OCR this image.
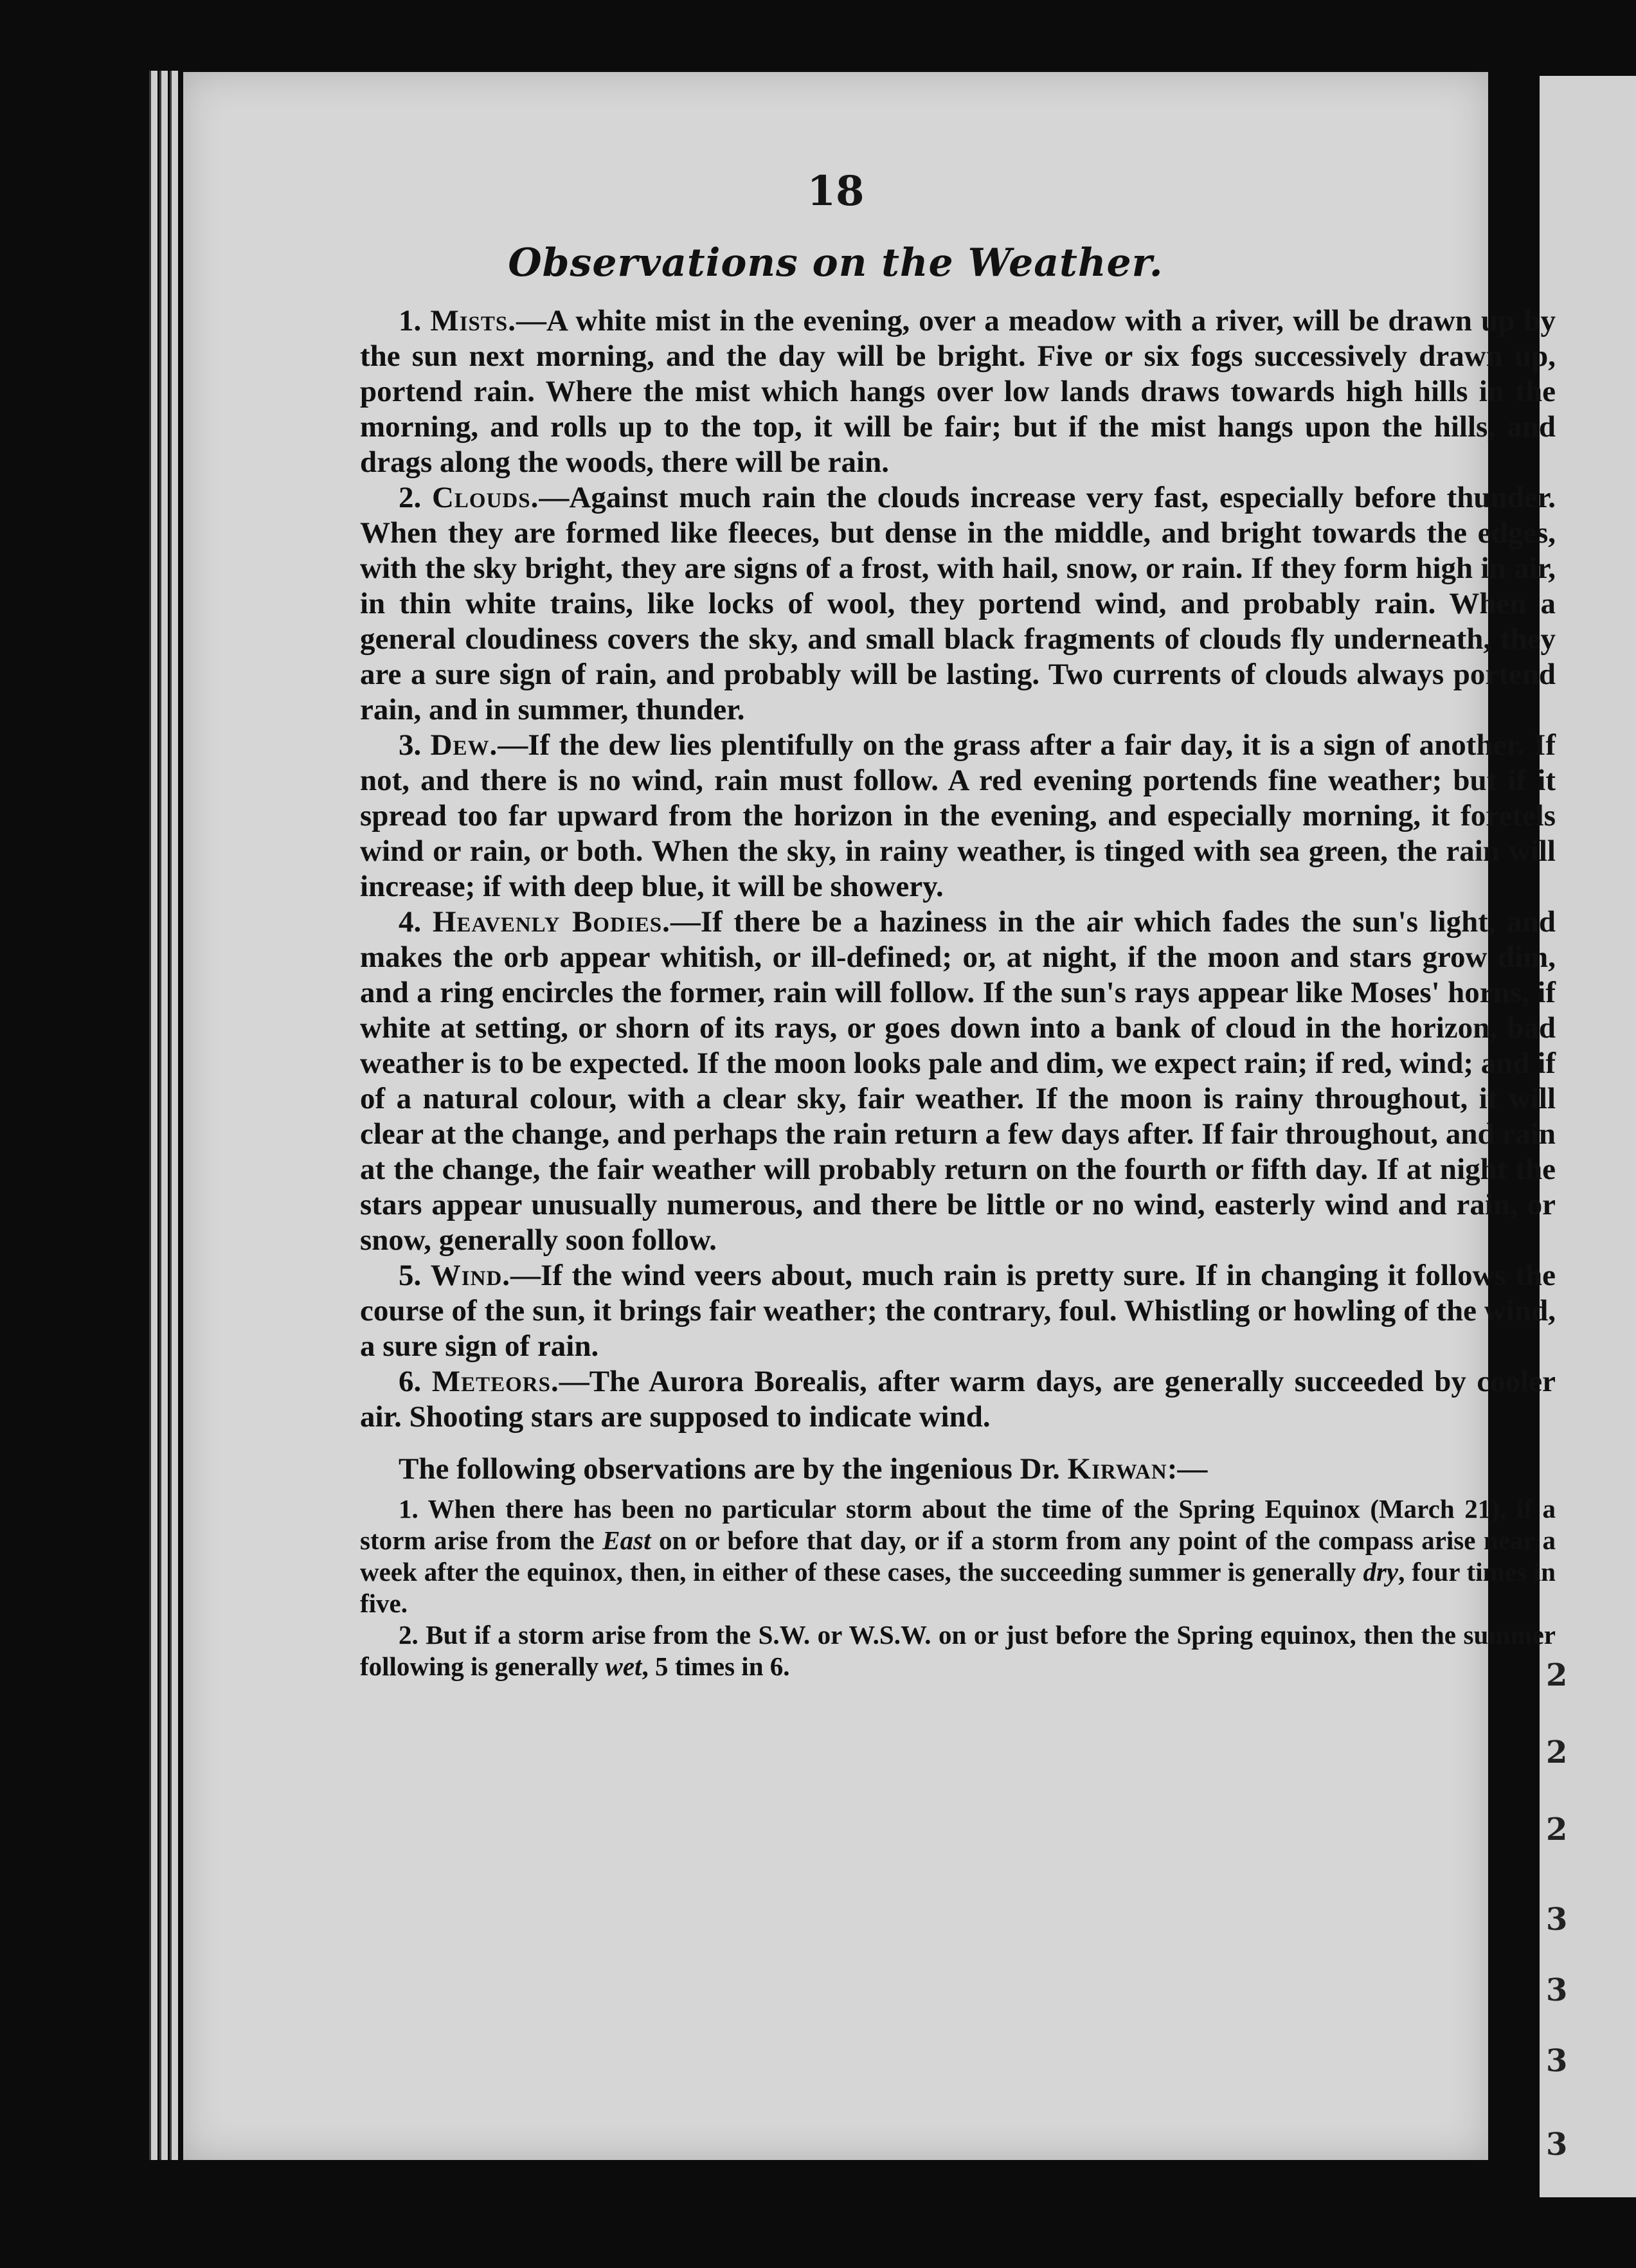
2
2
2
3
3
3
3
18
Observations on the Weather.

1. Mists.—A white mist in the evening, over a meadow with a river, will be drawn up by the sun next morning, and the day will be bright. Five or six fogs successively drawn up, portend rain. Where the mist which hangs over low lands draws towards high hills in the morning, and rolls up to the top, it will be fair; but if the mist hangs upon the hills, and drags along the woods, there will be rain.

2. Clouds.—Against much rain the clouds increase very fast, especially before thunder. When they are formed like fleeces, but dense in the middle, and bright towards the edges, with the sky bright, they are signs of a frost, with hail, snow, or rain. If they form high in air, in thin white trains, like locks of wool, they portend wind, and probably rain. When a general cloudiness covers the sky, and small black fragments of clouds fly underneath, they are a sure sign of rain, and probably will be lasting. Two currents of clouds always portend rain, and in summer, thunder.

3. Dew.—If the dew lies plentifully on the grass after a fair day, it is a sign of another. If not, and there is no wind, rain must follow. A red evening portends fine weather; but if it spread too far upward from the horizon in the evening, and especially morning, it foretels wind or rain, or both. When the sky, in rainy weather, is tinged with sea green, the rain will increase; if with deep blue, it will be showery.

4. Heavenly Bodies.—If there be a haziness in the air which fades the sun's light, and makes the orb appear whitish, or ill-defined; or, at night, if the moon and stars grow dim, and a ring encircles the former, rain will follow. If the sun's rays appear like Moses' horns, if white at setting, or shorn of its rays, or goes down into a bank of cloud in the horizon, bad weather is to be expected. If the moon looks pale and dim, we expect rain; if red, wind; and if of a natural colour, with a clear sky, fair weather. If the moon is rainy throughout, it will clear at the change, and perhaps the rain return a few days after. If fair throughout, and rain at the change, the fair weather will probably return on the fourth or fifth day. If at night the stars appear unusually numerous, and there be little or no wind, easterly wind and rain, or snow, generally soon follow.

5. Wind.—If the wind veers about, much rain is pretty sure. If in changing it follows the course of the sun, it brings fair weather; the contrary, foul. Whistling or howling of the wind, a sure sign of rain.

6. Meteors.—The Aurora Borealis, after warm days, are generally succeeded by cooler air. Shooting stars are supposed to indicate wind.

The following observations are by the ingenious Dr. Kirwan:—

1. When there has been no particular storm about the time of the Spring Equinox (March 21), if a storm arise from the East on or before that day, or if a storm from any point of the compass arise near a week after the equinox, then, in either of these cases, the succeeding summer is generally dry, four times in five.

2. But if a storm arise from the S.W. or W.S.W. on or just before the Spring equinox, then the summer following is generally wet, 5 times in 6.
